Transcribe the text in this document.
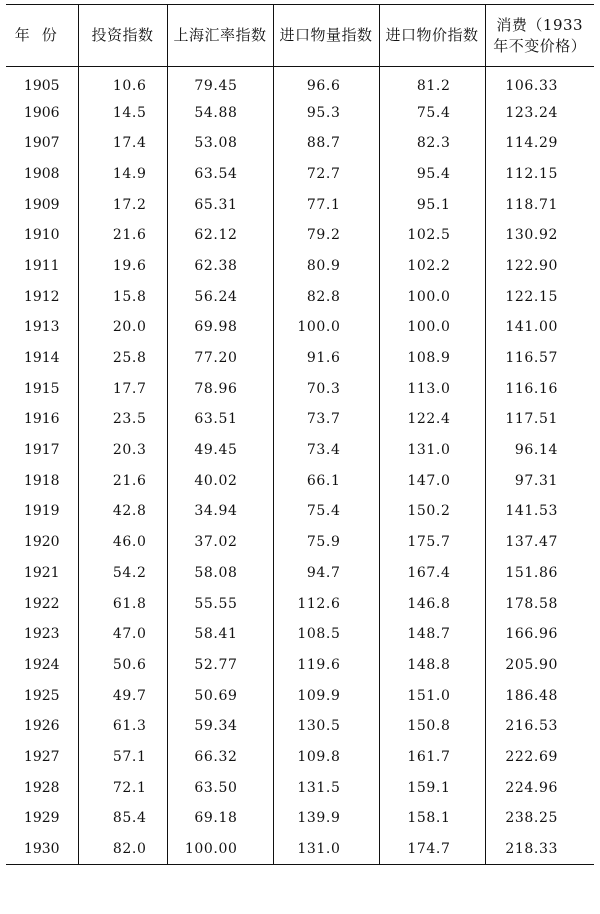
年份	投资指数	上海汇率指数	进口物量指数	进口物价指数	消费（1933年不变价格）
1905	10.6	79.45	96.6	81.2	106.33
1906	14.5	54.88	95.3	75.4	123.24
1907	17.4	53.08	88.7	82.3	114.29
1908	14.9	63.54	72.7	95.4	112.15
1909	17.2	65.31	77.1	95.1	118.71
1910	21.6	62.12	79.2	102.5	130.92
1911	19.6	62.38	80.9	102.2	122.90
1912	15.8	56.24	82.8	100.0	122.15
1913	20.0	69.98	100.0	100.0	141.00
1914	25.8	77.20	91.6	108.9	116.57
1915	17.7	78.96	70.3	113.0	116.16
1916	23.5	63.51	73.7	122.4	117.51
1917	20.3	49.45	73.4	131.0	96.14
1918	21.6	40.02	66.1	147.0	97.31
1919	42.8	34.94	75.4	150.2	141.53
1920	46.0	37.02	75.9	175.7	137.47
1921	54.2	58.08	94.7	167.4	151.86
1922	61.8	55.55	112.6	146.8	178.58
1923	47.0	58.41	108.5	148.7	166.96
1924	50.6	52.77	119.6	148.8	205.90
1925	49.7	50.69	109.9	151.0	186.48
1926	61.3	59.34	130.5	150.8	216.53
1927	57.1	66.32	109.8	161.7	222.69
1928	72.1	63.50	131.5	159.1	224.96
1929	85.4	69.18	139.9	158.1	238.25
1930	82.0	100.00	131.0	174.7	218.33
